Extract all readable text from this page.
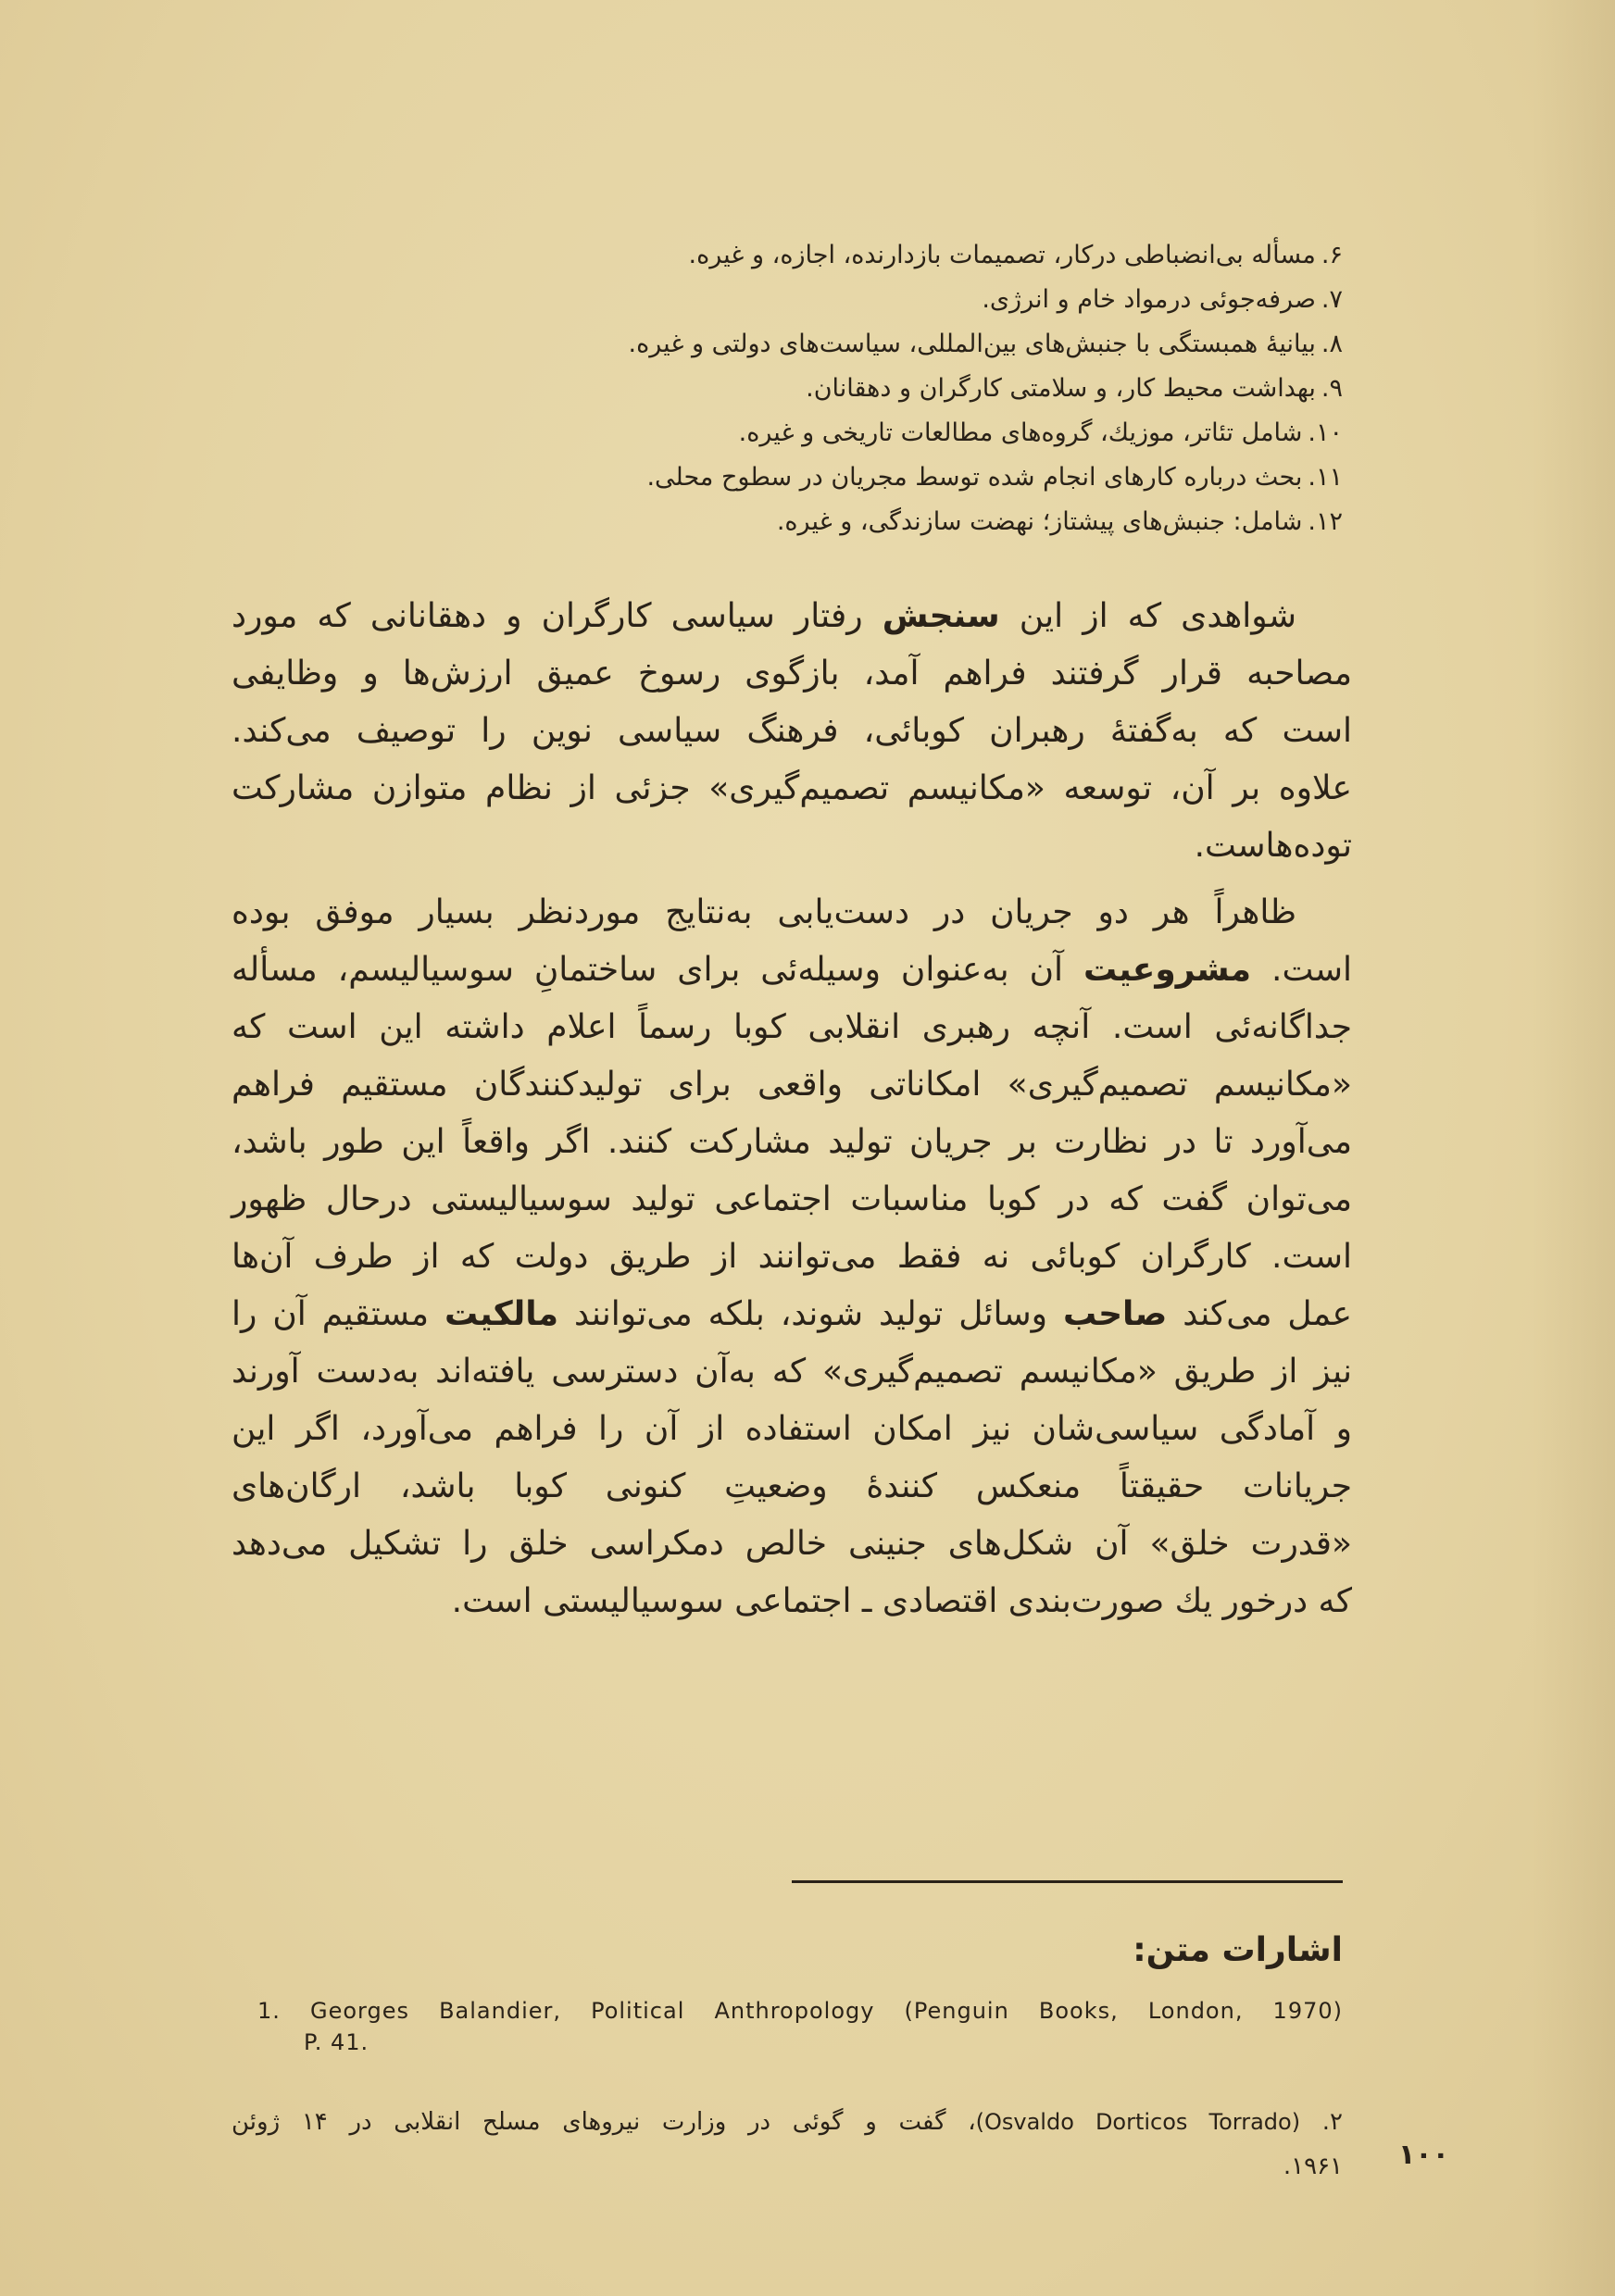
۶.مسأله بی‌انضباطی درکار، تصمیمات بازدارنده، اجازه، و غیره.
۷.صرفه‌جوئی درمواد خام و انرژی.
۸.بیانیهٔ همبستگی با جنبش‌های بین‌المللی، سیاست‌های دولتی و غیره.
۹.بهداشت محیط کار، و سلامتی کارگران و دهقانان.
۱۰.شامل تئاتر، موزیك، گروه‌های مطالعات تاریخی و غیره.
۱۱.بحث درباره کارهای انجام شده توسط مجریان در سطوح محلی.
۱۲.شامل: جنبش‌های پیشتاز؛ نهضت سازندگی، و غیره.
شواهدی که از این سنجش رفتار سیاسی کارگران و دهقانانی که مورد
مصاحبه قرار گرفتند فراهم آمد، بازگوی رسوخ عمیق ارزش‌ها و وظایفی
است که به‌گفتهٔ رهبران کوبائی، فرهنگ سیاسی نوین را توصیف می‌کند.
علاوه بر آن، توسعه «مکانیسم تصمیم‌گیری» جزئی از نظام متوازن مشارکت
توده‌هاست.
ظاهراً هر دو جریان در دست‌یابی به‌نتایج موردنظر بسیار موفق بوده
است. مشروعیت آن به‌عنوان وسیله‌ئی برای ساختمانِ سوسیالیسم، مسأله
جداگانه‌ئی است. آنچه رهبری انقلابی کوبا رسماً اعلام داشته این است که
«مکانیسم تصمیم‌گیری» امکاناتی واقعی برای تولیدکنندگان مستقیم فراهم
می‌آورد تا در نظارت بر جریان تولید مشارکت کنند. اگر واقعاً این طور باشد،
می‌توان گفت که در کوبا مناسبات اجتماعی تولید سوسیالیستی درحال ظهور
است. کارگران کوبائی نه فقط می‌توانند از طریق دولت که از طرف آن‌ها
عمل می‌کند صاحب وسائل تولید شوند، بلکه می‌توانند مالکیت مستقیم آن را
نیز از طریق «مکانیسم تصمیم‌گیری» که به‌آن دسترسی یافته‌اند به‌دست آورند
و آمادگی سیاسی‌شان نیز امکان استفاده از آن را فراهم می‌آورد، اگر این
جریانات حقیقتاً منعکس کنندهٔ وضعیتِ کنونی کوبا باشد، ارگان‌های
«قدرت خلق» آن شکل‌های جنینی خالص دمکراسی خلق را تشکیل می‌دهد
که درخور یك صورت‌بندی اقتصادی ـ اجتماعی سوسیالیستی است.
اشارات متن:
1. Georges Balandier, Political Anthropology (Penguin Books, London, 1970)
P. 41.
۲. (Osvaldo Dorticos Torrado)، گفت و گوئی در وزارت نیروهای مسلح انقلابی در ۱۴ ژوئن
۱۹۶۱. ۱۰۰
